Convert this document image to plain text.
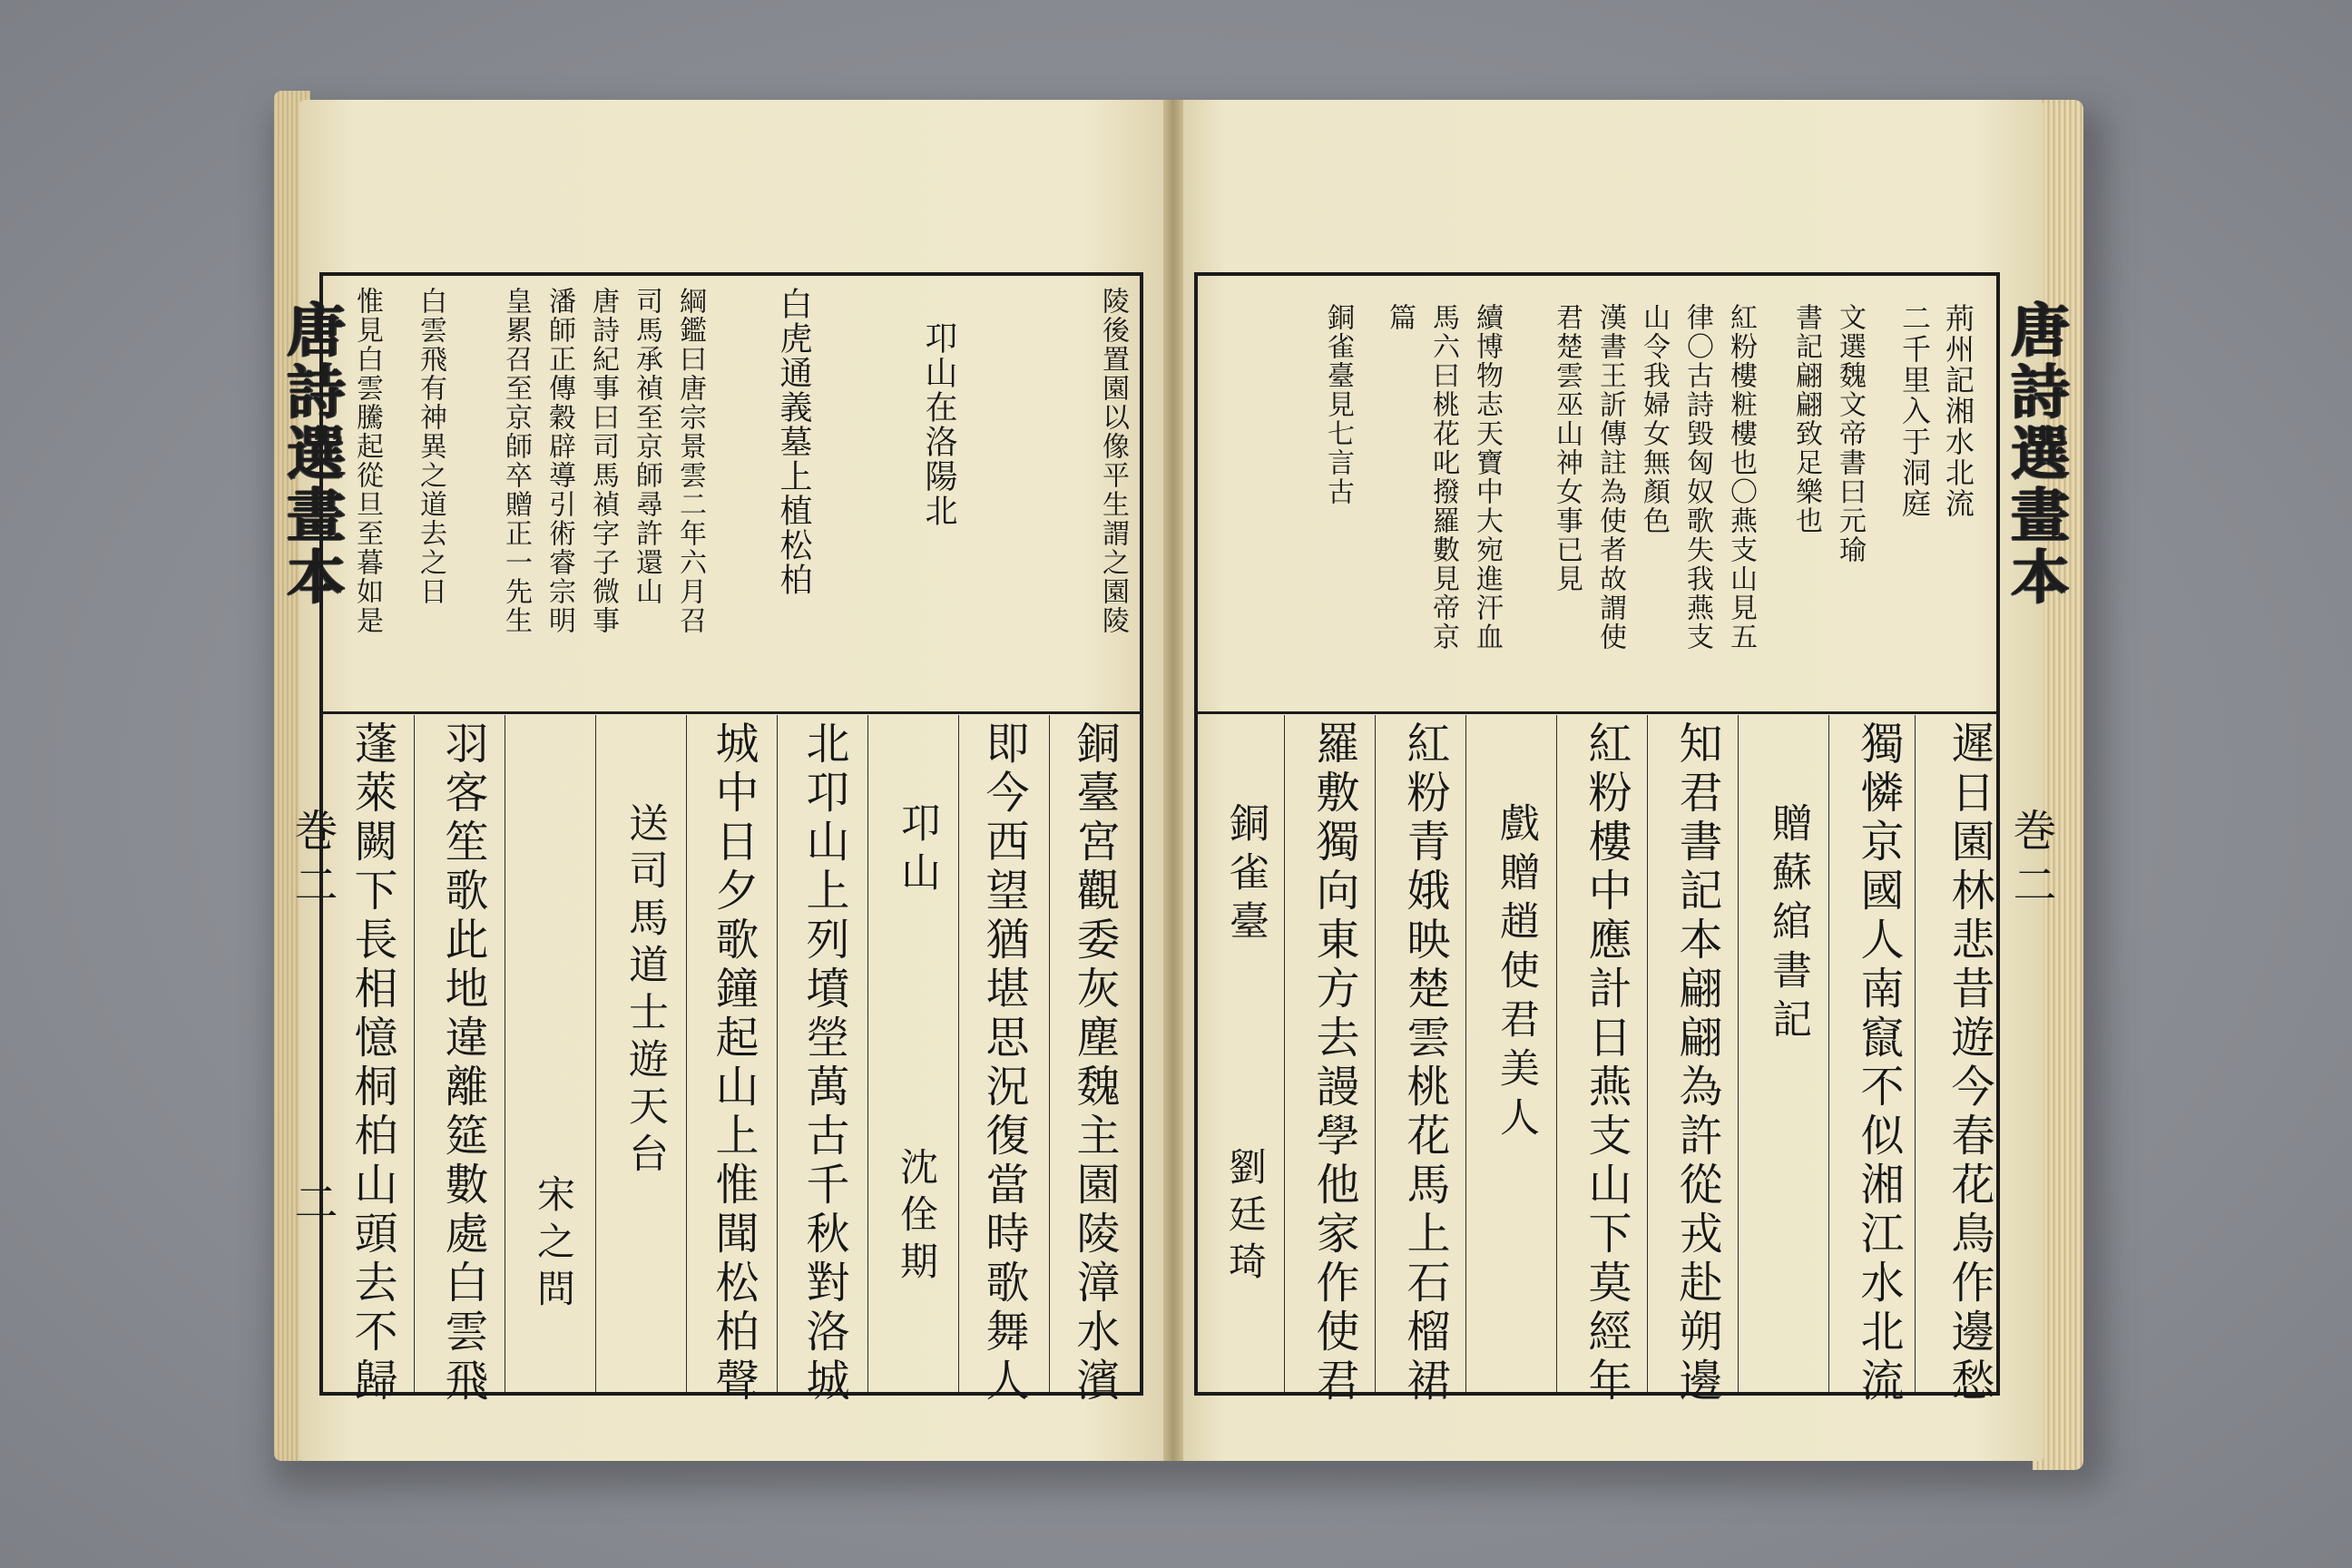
唐詩選畫本
巻二
二
陵後置園以像平生謂之園陵
卭山在洛陽北
白虎通義墓上植松柏
綱鑑曰唐宗景雲二年六月召
司馬承禎至京師尋許還山
唐詩紀事曰司馬禎字子微事
潘師正傳穀辟導引術睿宗明
皇累召至京師卒贈正一先生
白雲飛有神異之道去之日
惟見白雲騰起從旦至暮如是
銅臺宮觀委灰塵魏主園陵漳水濱
即今西望猶堪思況復當時歌舞人
卭山
沈佺期
北卭山上列墳塋萬古千秋對洛城
城中日夕歌鐘起山上惟聞松柏聲
送司馬道士遊天台
宋之問
羽客笙歌此地違離筵數處白雲飛
蓬萊闕下長相憶桐柏山頭去不歸
唐詩選畫本
巻二
荊州記湘水北流
二千里入于洞庭
文選魏文帝書曰元瑜
書記翩翩致足樂也
紅粉樓粧樓也〇燕支山見五
律〇古詩毀匈奴歌失我燕支
山令我婦女無顏色
漢書王訢傳註為使者故謂使
君楚雲巫山神女事已見
續博物志天寶中大宛進汗血
馬六曰桃花叱撥羅數見帝京
篇
銅雀臺見七言古
遲日園林悲昔遊今春花鳥作邊愁
獨憐京國人南竄不似湘江水北流
贈蘇綰書記
知君書記本翩翩為許從戎赴朔邊
紅粉樓中應計日燕支山下莫經年
戲贈趙使君美人
紅粉青娥映楚雲桃花馬上石榴裙
羅敷獨向東方去謾學他家作使君
銅雀臺
劉廷琦
